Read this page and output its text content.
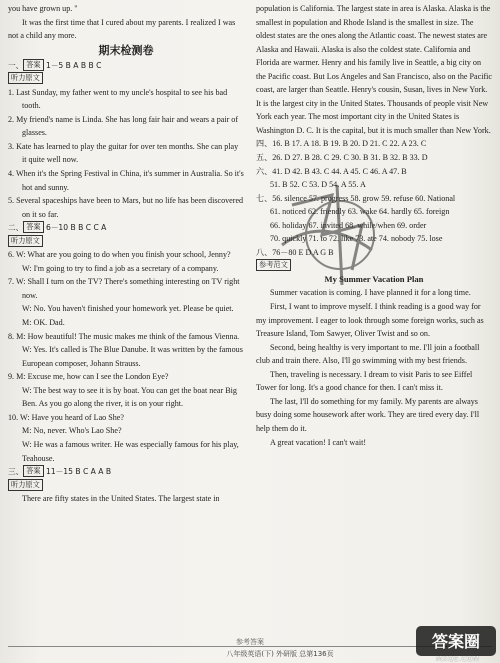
you have grown up. "

It was the first time that I cured about my parents. I realized I was not a child any more.

期末检测卷

一、 答案 1－5 B A B B C

听力原文

1. Last Sunday, my father went to my uncle's hospital to see his bad tooth.

2. My friend's name is Linda. She has long fair hair and wears a pair of glasses.

3. Kate has learned to play the guitar for over ten months. She can play it quite well now.

4. When it's the Spring Festival in China, it's summer in Australia. So it's hot and sunny.

5. Several spaceships have been to Mars, but no life has been discovered on it so far.

二、 答案 6－10 B B C C A

听力原文

6. W: What are you going to do when you finish your school, Jenny?

W: I'm going to try to find a job as a secretary of a company.

7. W: Shall I turn on the TV? There's something interesting on TV right now.

W: No. You haven't finished your homework yet. Please be quiet.

M: OK. Dad.

8. M: How beautiful! The music makes me think of the famous Vienna.

W: Yes. It's called is The Blue Danube. It was written by the famous European composer, Johann Strauss.

9. M: Excuse me, how can I see the London Eye?

W: The best way to see it is by boat. You can get the boat near Big Ben. As you go along the river, it is on your right.

10. W: Have you heard of Lao She?

M: No, never. Who's Lao She?

W: He was a famous writer. He was especially famous for his play, Teahouse.

三、 答案 11－15 B C A A B

听力原文

There are fifty states in the United States. The largest state in

population is California. The largest state in area is Alaska. Alaska is the smallest in population and Rhode Island is the smallest in size. The oldest states are the ones along the Atlantic coast. The newest states are Alaska and Hawaii. Alaska is also the coldest state. California and Florida are warmer. Henry and his family live in Seattle, a big city on the Pacific coast. But Los Angeles and San Francisco, also on the Pacific coast, are larger than Seattle. Henry's cousin, Susan, lives in New York. It is the largest city in the United States. Thousands of people visit New York each year. The most important city in the United States is Washington D. C. It is the capital, but it is much smaller than New York.

四、16. B 17. A 18. B 19. B 20. D 21. C 22. A 23. C

五、26. D 27. B 28. C 29. C 30. B 31. B 32. B 33. D

六、41. D 42. B 43. C 44. A 45. C 46. A 47. B

51. B 52. C 53. D 54. A 55. A

七、56. silence 57. progress 58. grow 59. refuse 60. National

61. noticed 62. friendly 63. wake 64. hardly 65. foreign

66. holiday 67. invited 68. while/when 69. order

70. quickly 71. to 72. like 73. ate 74. nobody 75. lose

八、76－80 E D A G B

参考范文

My Summer Vacation Plan

Summer vacation is coming. I have planned it for a long time.

First, I want to improve myself. I think reading is a good way for my improvement. I eager to look through some foreign works, such as Treasure Island, Tom Sawyer, Oliver Twist and so on.

Second, being healthy is very important to me. I'll join a football club and train there. Also, I'll go swimming with my best friends.

Then, traveling is necessary. I dream to visit Paris to see Eiffel Tower for long. It's a good chance for then. I can't miss it.

The last, I'll do something for my family. My parents are always busy doing some housework after work. They are tired every day. I'll help them do it.

A great vacation! I can't wait!

参考答案
八年级英语(下) 外研版 总第136页
答案圈
MXQE.COM
